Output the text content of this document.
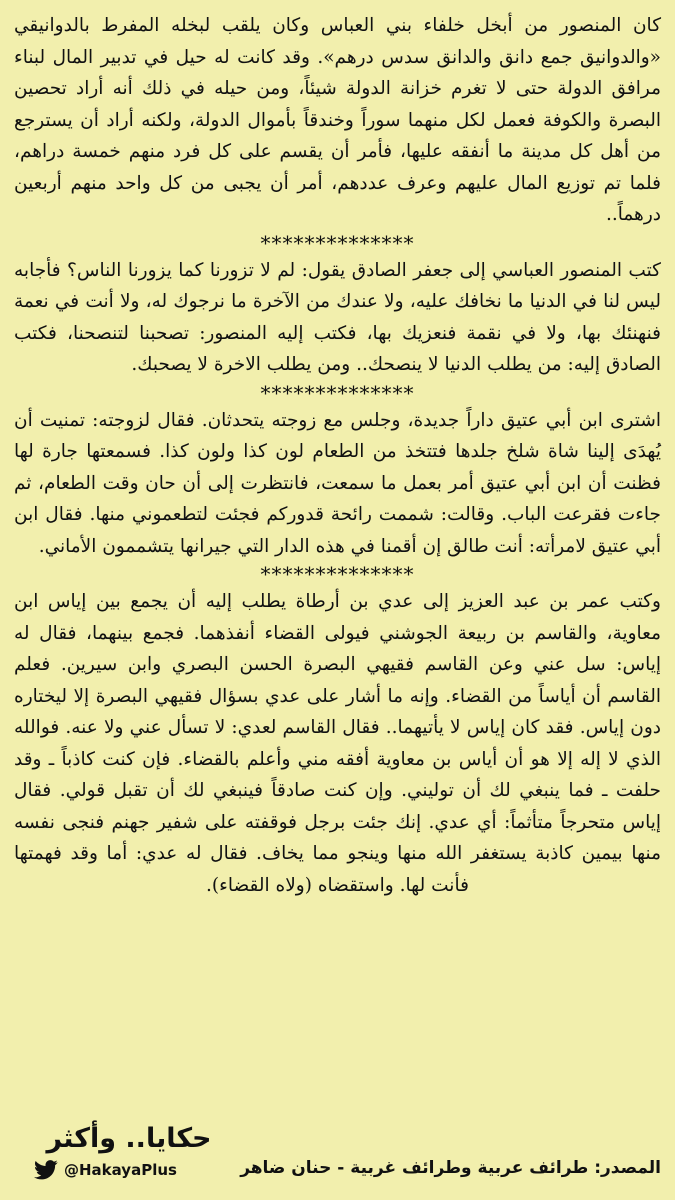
كان المنصور من أبخل خلفاء بني العباس وكان يلقب لبخله المفرط بالدوانيقي «والدوانيق جمع دانق والدانق سدس درهم». وقد كانت له حيل في تدبير المال لبناء مرافق الدولة حتى لا تغرم خزانة الدولة شيئاً، ومن حيله في ذلك أنه أراد تحصين البصرة والكوفة فعمل لكل منهما سوراً وخندقاً بأموال الدولة، ولكنه أراد أن يسترجع من أهل كل مدينة ما أنفقه عليها، فأمر أن يقسم على كل فرد منهم خمسة دراهم، فلما تم توزيع المال عليهم وعرف عددهم، أمر أن يجبى من كل واحد منهم أربعين درهماً..

**************

كتب المنصور العباسي إلى جعفر الصادق يقول: لم لا تزورنا كما يزورنا الناس؟ فأجابه ليس لنا في الدنيا ما نخافك عليه، ولا عندك من الآخرة ما نرجوك له، ولا أنت في نعمة فنهنئك بها، ولا في نقمة فنعزيك بها، فكتب إليه المنصور: تصحبنا لتنصحنا، فكتب الصادق إليه: من يطلب الدنيا لا ينصحك.. ومن يطلب الاخرة لا يصحبك.

**************

اشترى ابن أبي عتيق داراً جديدة، وجلس مع زوجته يتحدثان. فقال لزوجته: تمنيت أن يُهدَى إلينا شاة شلخ جلدها فتتخذ من الطعام لون كذا ولون كذا. فسمعتها جارة لها فظنت أن ابن أبي عتيق أمر بعمل ما سمعت، فانتظرت إلى أن حان وقت الطعام، ثم جاءت فقرعت الباب. وقالت: شممت رائحة قدوركم فجئت لتطعموني منها. فقال ابن أبي عتيق لامرأته: أنت طالق إن أقمنا في هذه الدار التي جيرانها يتشممون الأماني.

**************

وكتب عمر بن عبد العزيز إلى عدي بن أرطاة يطلب إليه أن يجمع بين إياس ابن معاوية، والقاسم بن ربيعة الجوشني فيولى القضاء أنفذهما. فجمع بينهما، فقال له إياس: سل عني وعن القاسم فقيهي البصرة الحسن البصري وابن سيرين. فعلم القاسم أن أياساً من القضاء. وإنه ما أشار على عدي بسؤال فقيهي البصرة إلا ليختاره دون إياس. فقد كان إياس لا يأتيهما.. فقال القاسم لعدي: لا تسأل عني ولا عنه. فوالله الذي لا إله إلا هو أن أياس بن معاوية أفقه مني وأعلم بالقضاء. فإن كنت كاذباً ـ وقد حلفت ـ فما ينبغي لك أن توليني. وإن كنت صادقاً فينبغي لك أن تقبل قولي. فقال إياس متحرجاً متأثماً: أي عدي. إنك جئت برجل فوقفته على شفير جهنم فنجى نفسه منها بيمين كاذبة يستغفر الله منها وينجو مما يخاف. فقال له عدي: أما وقد فهمتها فأنت لها. واستقضاه (ولاه القضاء).

المصدر: طرائف عربية وطرائف غربية - حنان ضاهر
حكايا.. وأكثر
@HakayaPlus
